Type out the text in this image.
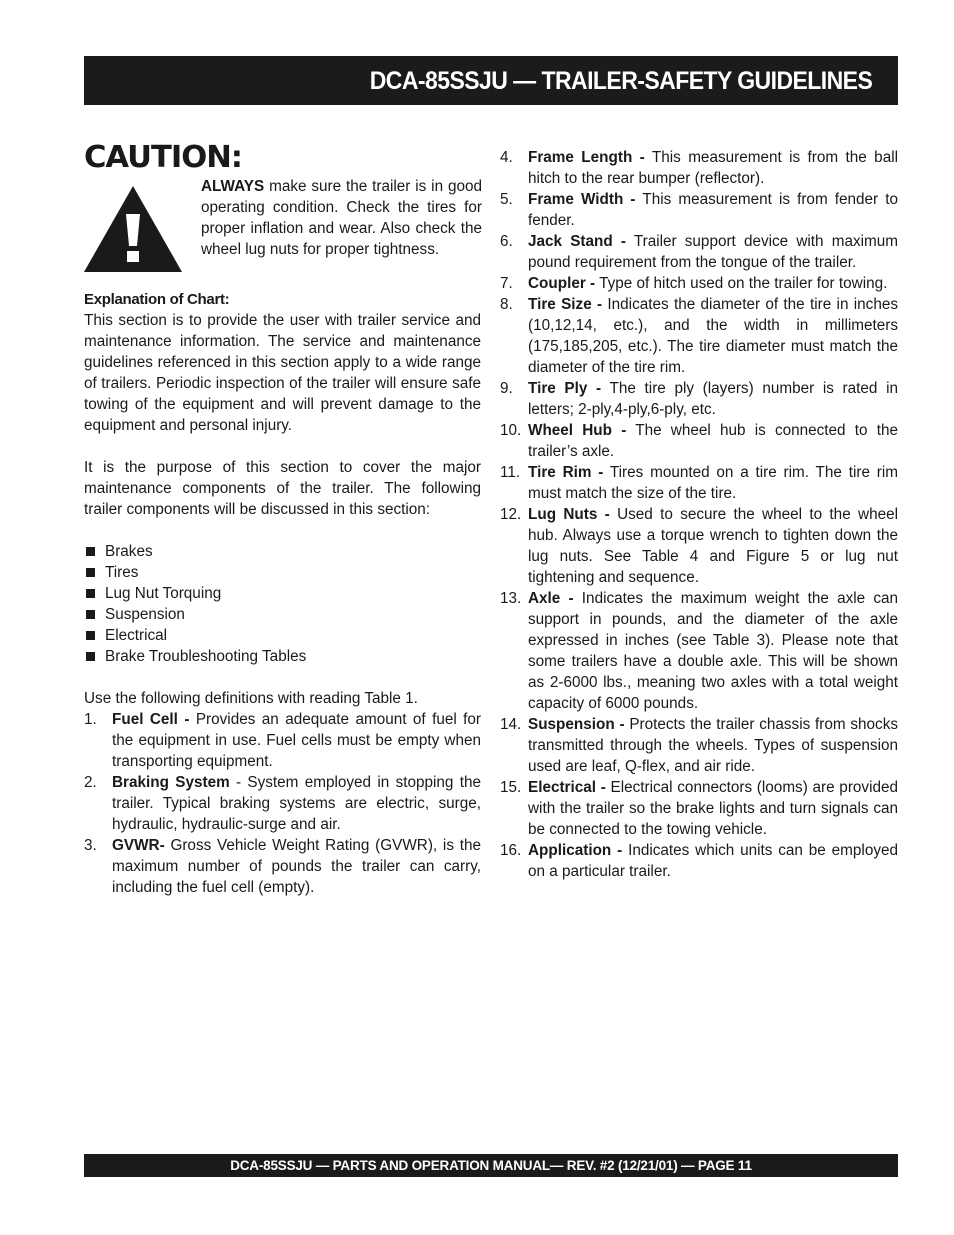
DCA-85SSJU — TRAILER-SAFETY GUIDELINES
CAUTION:
ALWAYS make sure the trailer is in good operating condition. Check the tires for proper inflation and wear. Also check the wheel lug nuts for proper tightness.
Explanation of Chart:

This section is to provide the user with trailer service and maintenance information. The service and maintenance guidelines referenced in this section apply to a wide range of trailers. Periodic inspection of the trailer will ensure safe towing of the equipment and will prevent damage to the equipment and personal injury.

It is the purpose of this section to cover the major maintenance components of the trailer. The following trailer components will be discussed in this section:

Brakes
Tires
Lug Nut Torquing
Suspension
Electrical
Brake Troubleshooting Tables

Use the following definitions with reading Table 1.

1. Fuel Cell - Provides an adequate amount of fuel for the equipment in use. Fuel cells must be empty when transporting equipment.
2. Braking System - System employed in stopping the trailer. Typical braking systems are electric, surge, hydraulic, hydraulic-surge and air.
3. GVWR- Gross Vehicle Weight Rating (GVWR), is the maximum number of pounds the trailer can carry, including the fuel cell (empty).
4. Frame Length - This measurement is from the ball hitch to the rear bumper (reflector).
5. Frame Width - This measurement is from fender to fender.
6. Jack Stand - Trailer support device with maximum pound requirement from the tongue of the trailer.
7. Coupler - Type of hitch used on the trailer for towing.
8. Tire Size - Indicates the diameter of the tire in inches (10,12,14, etc.), and the width in millimeters (175,185,205, etc.). The tire diameter must match the diameter of the tire rim.
9. Tire Ply - The tire ply (layers) number is rated in letters; 2-ply,4-ply,6-ply, etc.
10. Wheel Hub - The wheel hub is connected to the trailer’s axle.
11. Tire Rim - Tires mounted on a tire rim. The tire rim must match the size of the tire.
12. Lug Nuts - Used to secure the wheel to the wheel hub. Always use a torque wrench to tighten down the lug nuts. See Table 4 and Figure 5 or lug nut tightening and sequence.
13. Axle - Indicates the maximum weight the axle can support in pounds, and the diameter of the axle expressed in inches (see Table 3). Please note that some trailers have a double axle. This will be shown as 2-6000 lbs., meaning two axles with a total weight capacity of 6000 pounds.
14. Suspension - Protects the trailer chassis from shocks transmitted through the wheels. Types of suspension used are leaf, Q-flex, and air ride.
15. Electrical - Electrical connectors (looms) are provided with the trailer so the brake lights and turn signals can be connected to the towing vehicle.
16. Application - Indicates which units can be employed on a particular trailer.
DCA-85SSJU — PARTS AND OPERATION MANUAL— REV. #2 (12/21/01) — PAGE 11
